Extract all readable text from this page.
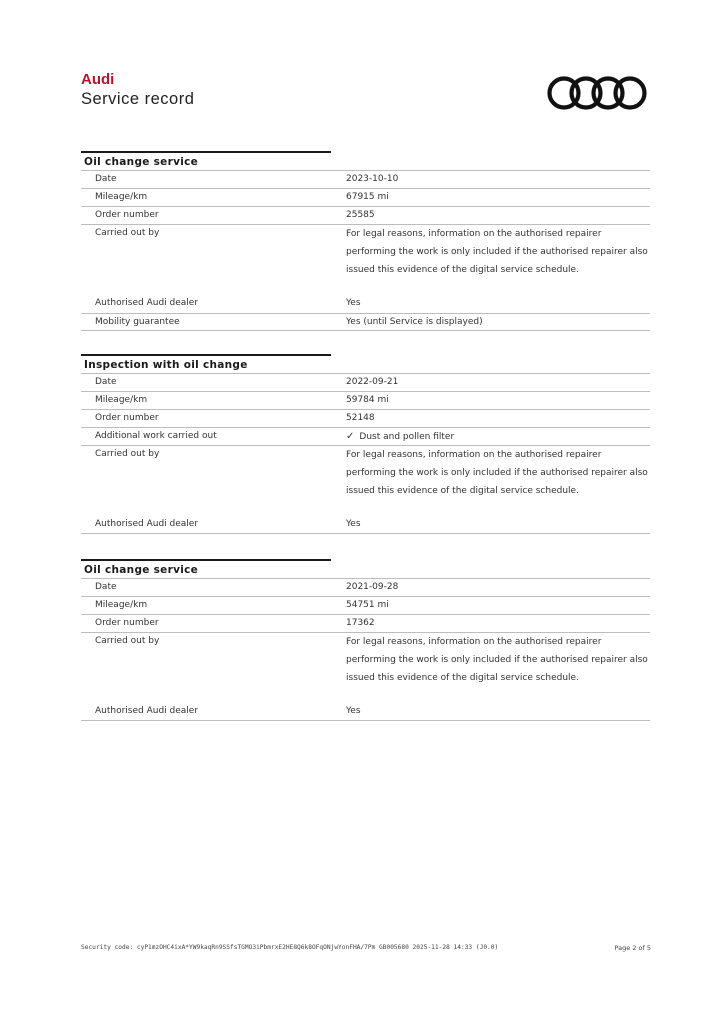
Audi
Service record
Oil change service
Date	2023-10-10
Mileage/km	67915 mi
Order number	25585
Carried out by	For legal reasons, information on the authorised repairer performing the work is only included if the authorised repairer also issued this evidence of the digital service schedule.
Authorised Audi dealer	Yes
Mobility guarantee	Yes (until Service is displayed)
Inspection with oil change
Date	2022-09-21
Mileage/km	59784 mi
Order number	52148
Additional work carried out	✓ Dust and pollen filter
Carried out by	For legal reasons, information on the authorised repairer performing the work is only included if the authorised repairer also issued this evidence of the digital service schedule.
Authorised Audi dealer	Yes
Oil change service
Date	2021-09-28
Mileage/km	54751 mi
Order number	17362
Carried out by	For legal reasons, information on the authorised repairer performing the work is only included if the authorised repairer also issued this evidence of the digital service schedule.
Authorised Audi dealer	Yes
Security code: cyP1mzOHC4ixA*YW9kaqRn9SSfsTGMO3iPbmrxE2HE8Q6k8OFqONjwYonFHA/7Pm GB005680 2025-11-28 14:33 (J0.0)	Page 2 of 5
